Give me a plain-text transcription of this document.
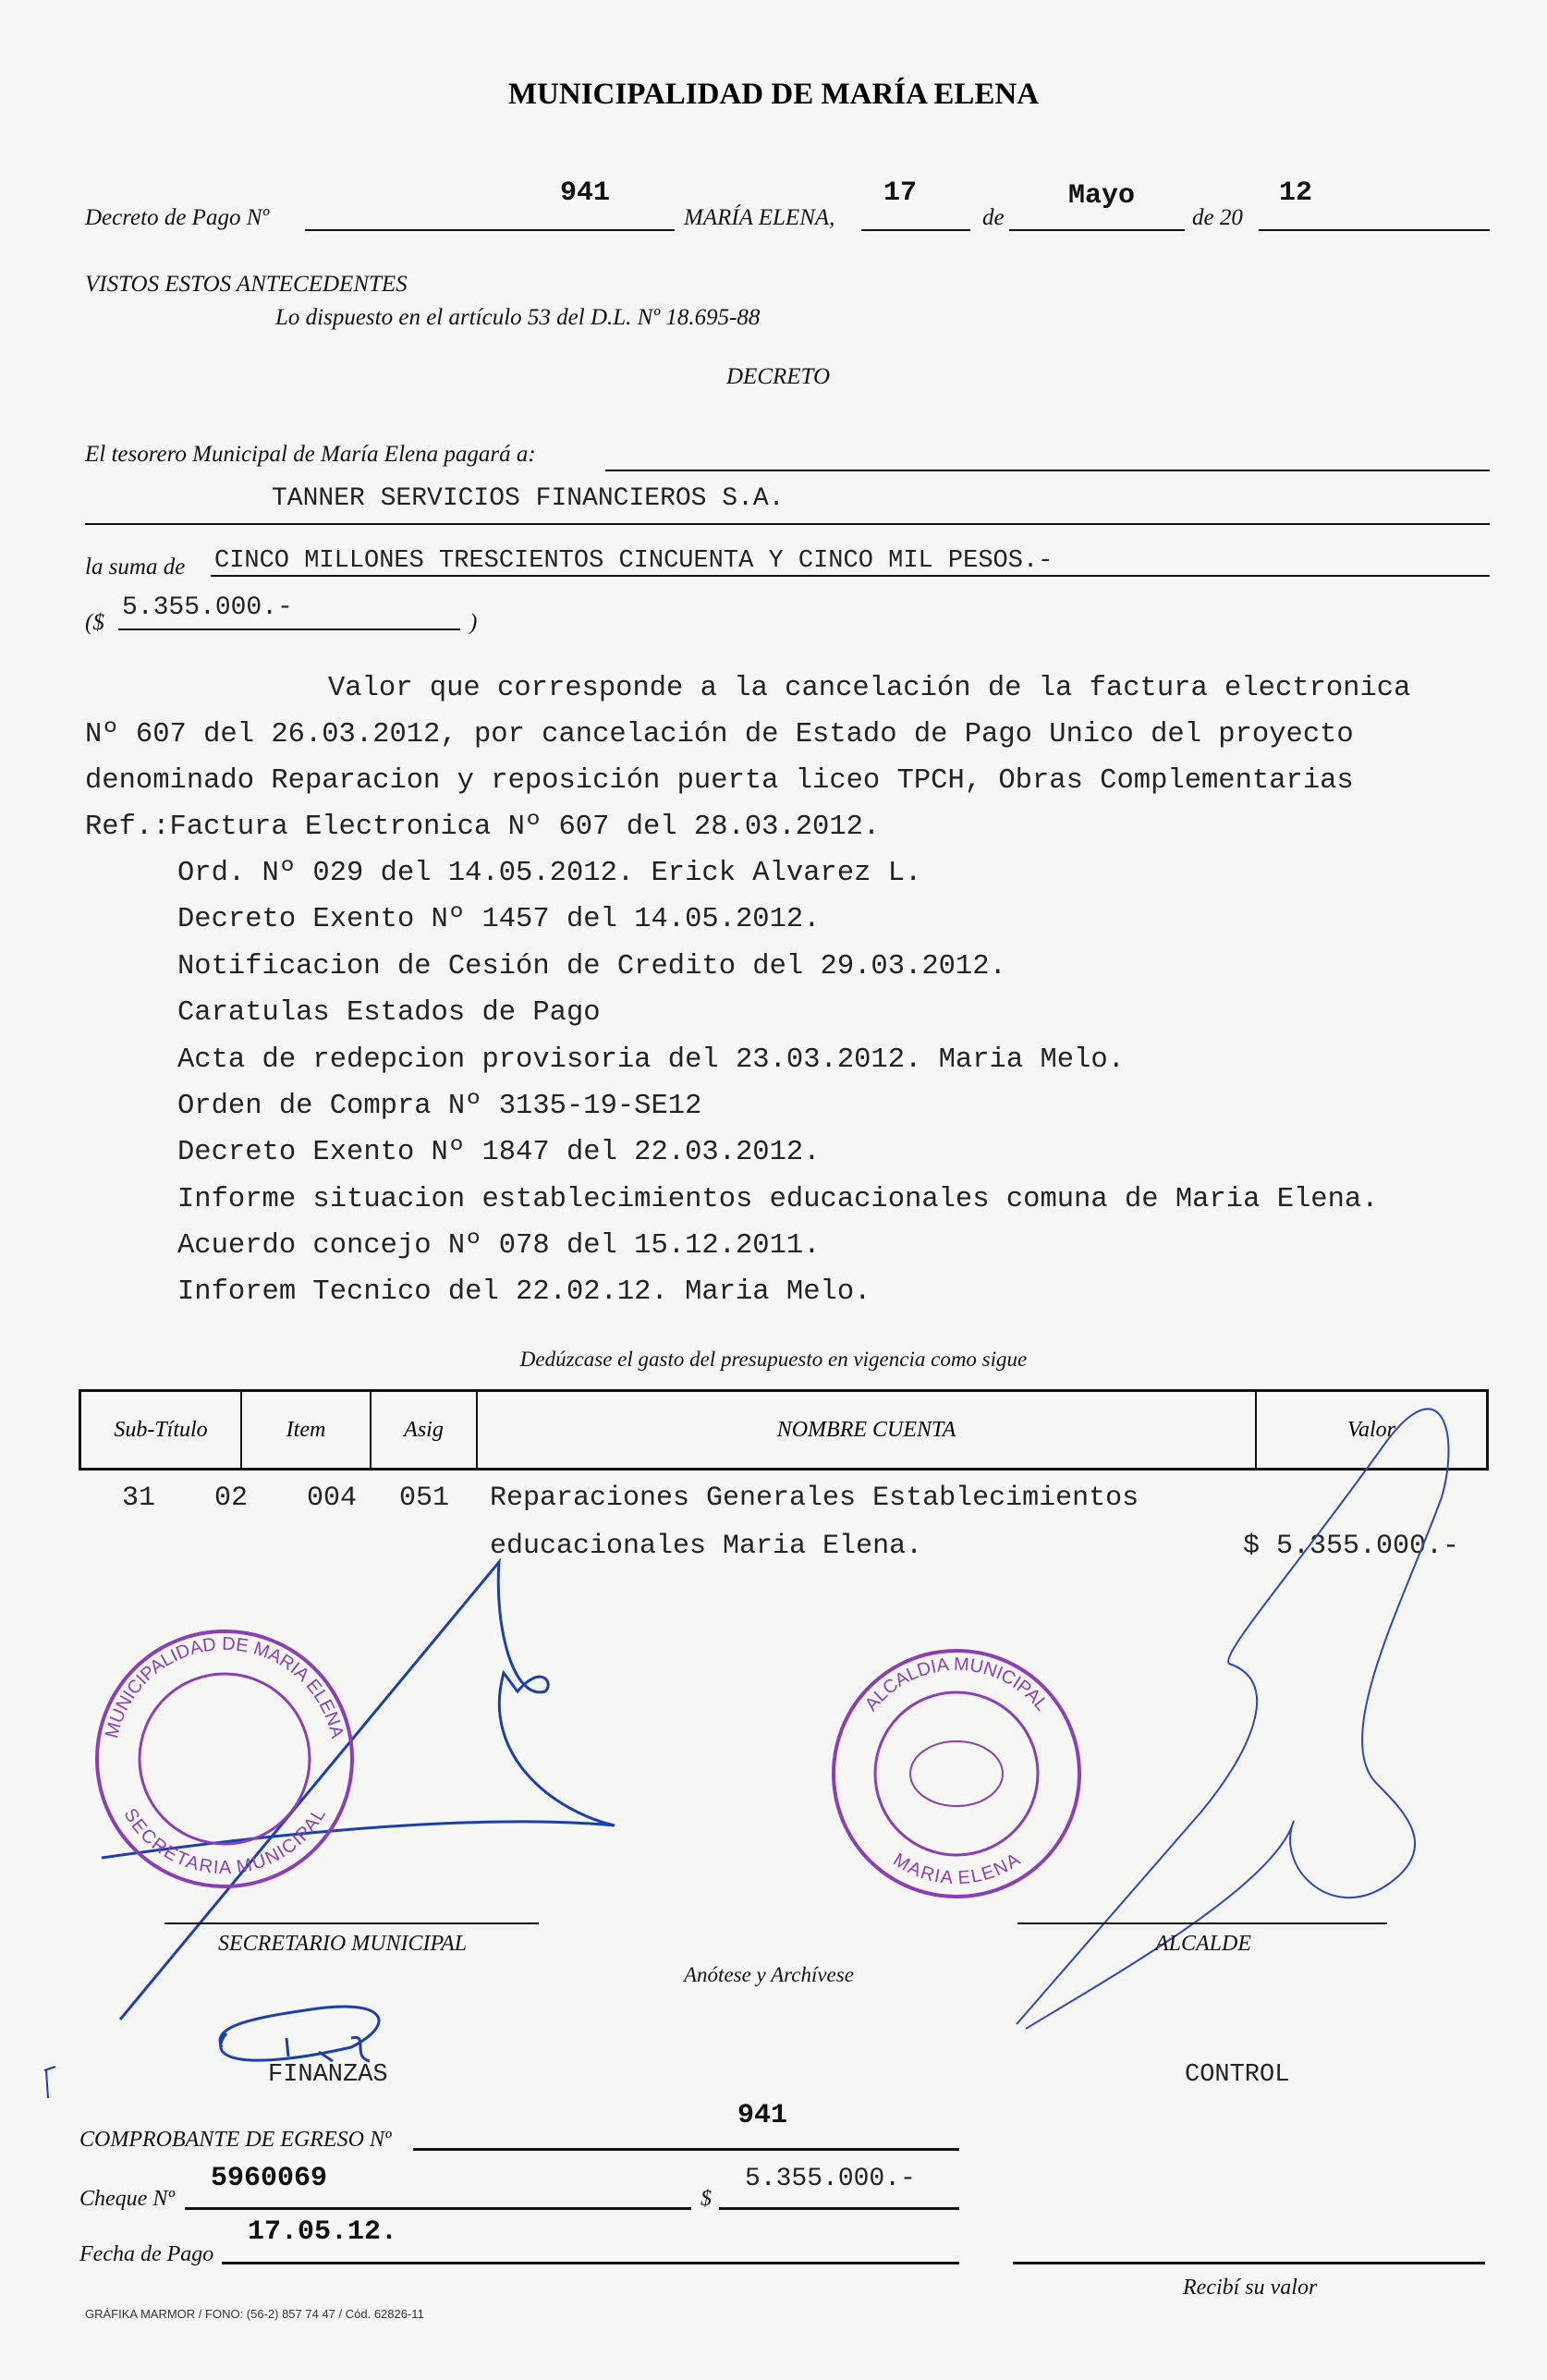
MUNICIPALIDAD DE MARÍA ELENA
Decreto de Pago Nº
941
MARÍA ELENA,
17
de
Mayo
de 20
12
VISTOS ESTOS ANTECEDENTES
Lo dispuesto en el artículo 53 del D.L. Nº 18.695-88
DECRETO
El tesorero Municipal de María Elena pagará a:
TANNER SERVICIOS FINANCIEROS S.A.
la suma de CINCO MILLONES TRESCIENTOS CINCUENTA Y CINCO MIL PESOS.-
($
5.355.000.-
)
Valor que corresponde a la cancelación de la factura electronica
Nº 607 del 26.03.2012, por cancelación de Estado de Pago Unico del proyecto
denominado Reparacion y reposición puerta liceo TPCH, Obras Complementarias
Ref.:Factura Electronica Nº 607 del 28.03.2012.
Ord. Nº 029 del 14.05.2012. Erick Alvarez L.
Decreto Exento Nº 1457 del 14.05.2012.
Notificacion de Cesión de Credito del 29.03.2012.
Caratulas Estados de Pago
Acta de redepcion provisoria del 23.03.2012. Maria Melo.
Orden de Compra Nº 3135-19-SE12
Decreto Exento Nº 1847 del 22.03.2012.
Informe situacion establecimientos educacionales comuna de Maria Elena.
Acuerdo concejo Nº 078 del 15.12.2011.
Inforem Tecnico del 22.02.12. Maria Melo.
Dedúzcase el gasto del presupuesto en vigencia como sigue
Sub-Título	Item	Asig	NOMBRE CUENTA	Valor
31 02 004 051 Reparaciones Generales Establecimientos
educacionales Maria Elena.	$ 5.355.000.-
MUNICIPALIDAD DE MARIA ELENA
SECRETARIA MUNICIPAL
ALCALDIA MUNICIPAL
MARIA ELENA
SECRETARIO MUNICIPAL	ALCALDE
Anótese y Archívese
FINANZAS	CONTROL
941
COMPROBANTE DE EGRESO Nº
5960069
Cheque Nº	$
5.355.000.-
17.05.12.
Fecha de Pago
Recibí su valor
GRÁFIKA MARMOR / FONO: (56-2) 857 74 47 / Cód. 62826-11
